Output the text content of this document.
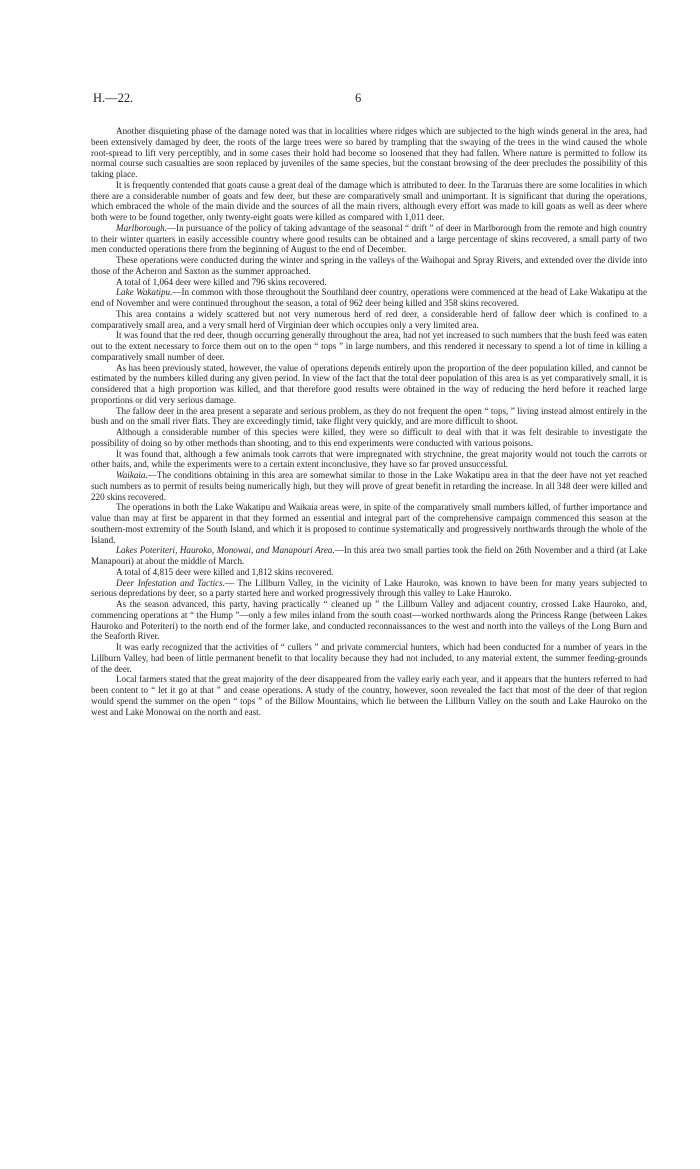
H.—22.	6

Another disquieting phase of the damage noted was that in localities where ridges which are subjected to the high winds general in the area, had been extensively damaged by deer, the roots of the large trees were so bared by trampling that the swaying of the trees in the wind caused the whole root-spread to lift very perceptibly, and in some cases their hold had become so loosened that they had fallen. Where nature is permitted to follow its normal course such casualties are soon replaced by juveniles of the same species, but the constant browsing of the deer precludes the possibility of this taking place.

It is frequently contended that goats cause a great deal of the damage which is attributed to deer. In the Tararuas there are some localities in which there are a considerable number of goats and few deer, but these are comparatively small and unimportant. It is significant that during the operations, which embraced the whole of the main divide and the sources of all the main rivers, although every effort was made to kill goats as well as deer where both were to be found together, only twenty-eight goats were killed as compared with 1,011 deer.

Marlborough.—In pursuance of the policy of taking advantage of the seasonal “ drift ” of deer in Marlborough from the remote and high country to their winter quarters in easily accessible country where good results can be obtained and a large percentage of skins recovered, a small party of two men conducted operations there from the beginning of August to the end of December.

These operations were conducted during the winter and spring in the valleys of the Waihopai and Spray Rivers, and extended over the divide into those of the Acheron and Saxton as the summer approached.

A total of 1,064 deer were killed and 796 skins recovered.

Lake Wakatipu.—In common with those throughout the Southland deer country, operations were commenced at the head of Lake Wakatipu at the end of November and were continued throughout the season, a total of 962 deer being killed and 358 skins recovered.

This area contains a widely scattered but not very numerous herd of red deer, a considerable herd of fallow deer which is confined to a comparatively small area, and a very small herd of Virginian deer which occupies only a very limited area.

It was found that the red deer, though occurring generally throughout the area, had not yet increased to such numbers that the bush feed was eaten out to the extent necessary to force them out on to the open “ tops ” in large numbers, and this rendered it necessary to spend a lot of time in killing a comparatively small number of deer.

As has been previously stated, however, the value of operations depends entirely upon the proportion of the deer population killed, and cannot be estimated by the numbers killed during any given period. In view of the fact that the total deer population of this area is as yet comparatively small, it is considered that a high proportion was killed, and that therefore good results were obtained in the way of reducing the herd before it reached large proportions or did very serious damage.

The fallow deer in the area present a separate and serious problem, as they do not frequent the open “ tops, ” living instead almost entirely in the bush and on the small river flats. They are exceedingly timid, take flight very quickly, and are more difficult to shoot.

Although a considerable number of this species were killed, they were so difficult to deal with that it was felt desirable to investigate the possibility of doing so by other methods than shooting, and to this end experiments were conducted with various poisons.

It was found that, although a few animals took carrots that were impregnated with strychnine, the great majority would not touch the carrots or other baits, and, while the experiments were to a certain extent inconclusive, they have so far proved unsuccessful.

Waikaia.—The conditions obtaining in this area are somewhat similar to those in the Lake Wakatipu area in that the deer have not yet reached such numbers as to permit of results being numerically high, but they will prove of great benefit in retarding the increase. In all 348 deer were killed and 220 skins recovered.

The operations in both the Lake Wakatipu and Waikaia areas were, in spite of the comparatively small numbers killed, of further importance and value than may at first be apparent in that they formed an essential and integral part of the comprehensive campaign commenced this season at the southern-most extremity of the South Island, and which it is proposed to continue systematically and progressively northwards through the whole of the Island.

Lakes Poteriteri, Hauroko, Monowai, and Manapouri Area.—In this area two small parties took the field on 26th November and a third (at Lake Manapouri) at about the middle of March.

A total of 4,815 deer were killed and 1,812 skins recovered.

Deer Infestation and Tactics.— The Lillburn Valley, in the vicinity of Lake Hauroko, was known to have been for many years subjected to serious depredations by deer, so a party started here and worked progressively through this valley to Lake Hauroko.

As the season advanced, this party, having practically “ cleaned up ” the Lillburn Valley and adjacent country, crossed Lake Hauroko, and, commencing operations at “ the Hump ”—only a few miles inland from the south coast—worked northwards along the Princess Range (between Lakes Hauroko and Poteriteri) to the north end of the former lake, and conducted reconnaissances to the west and north into the valleys of the Long Burn and the Seaforth River.

It was early recognized that the activities of “ cullers ” and private commercial hunters, which had been conducted for a number of years in the Lillburn Valley, had been of little permanent benefit to that locality because they had not included, to any material extent, the summer feeding-grounds of the deer.

Local farmers stated that the great majority of the deer disappeared from the valley early each year, and it appears that the hunters referred to had been content to “ let it go at that ” and cease operations. A study of the country, however, soon revealed the fact that most of the deer of that region would spend the summer on the open “ tops ” of the Billow Mountains, which lie between the Lillburn Valley on the south and Lake Hauroko on the west and Lake Monowai on the north and east.
